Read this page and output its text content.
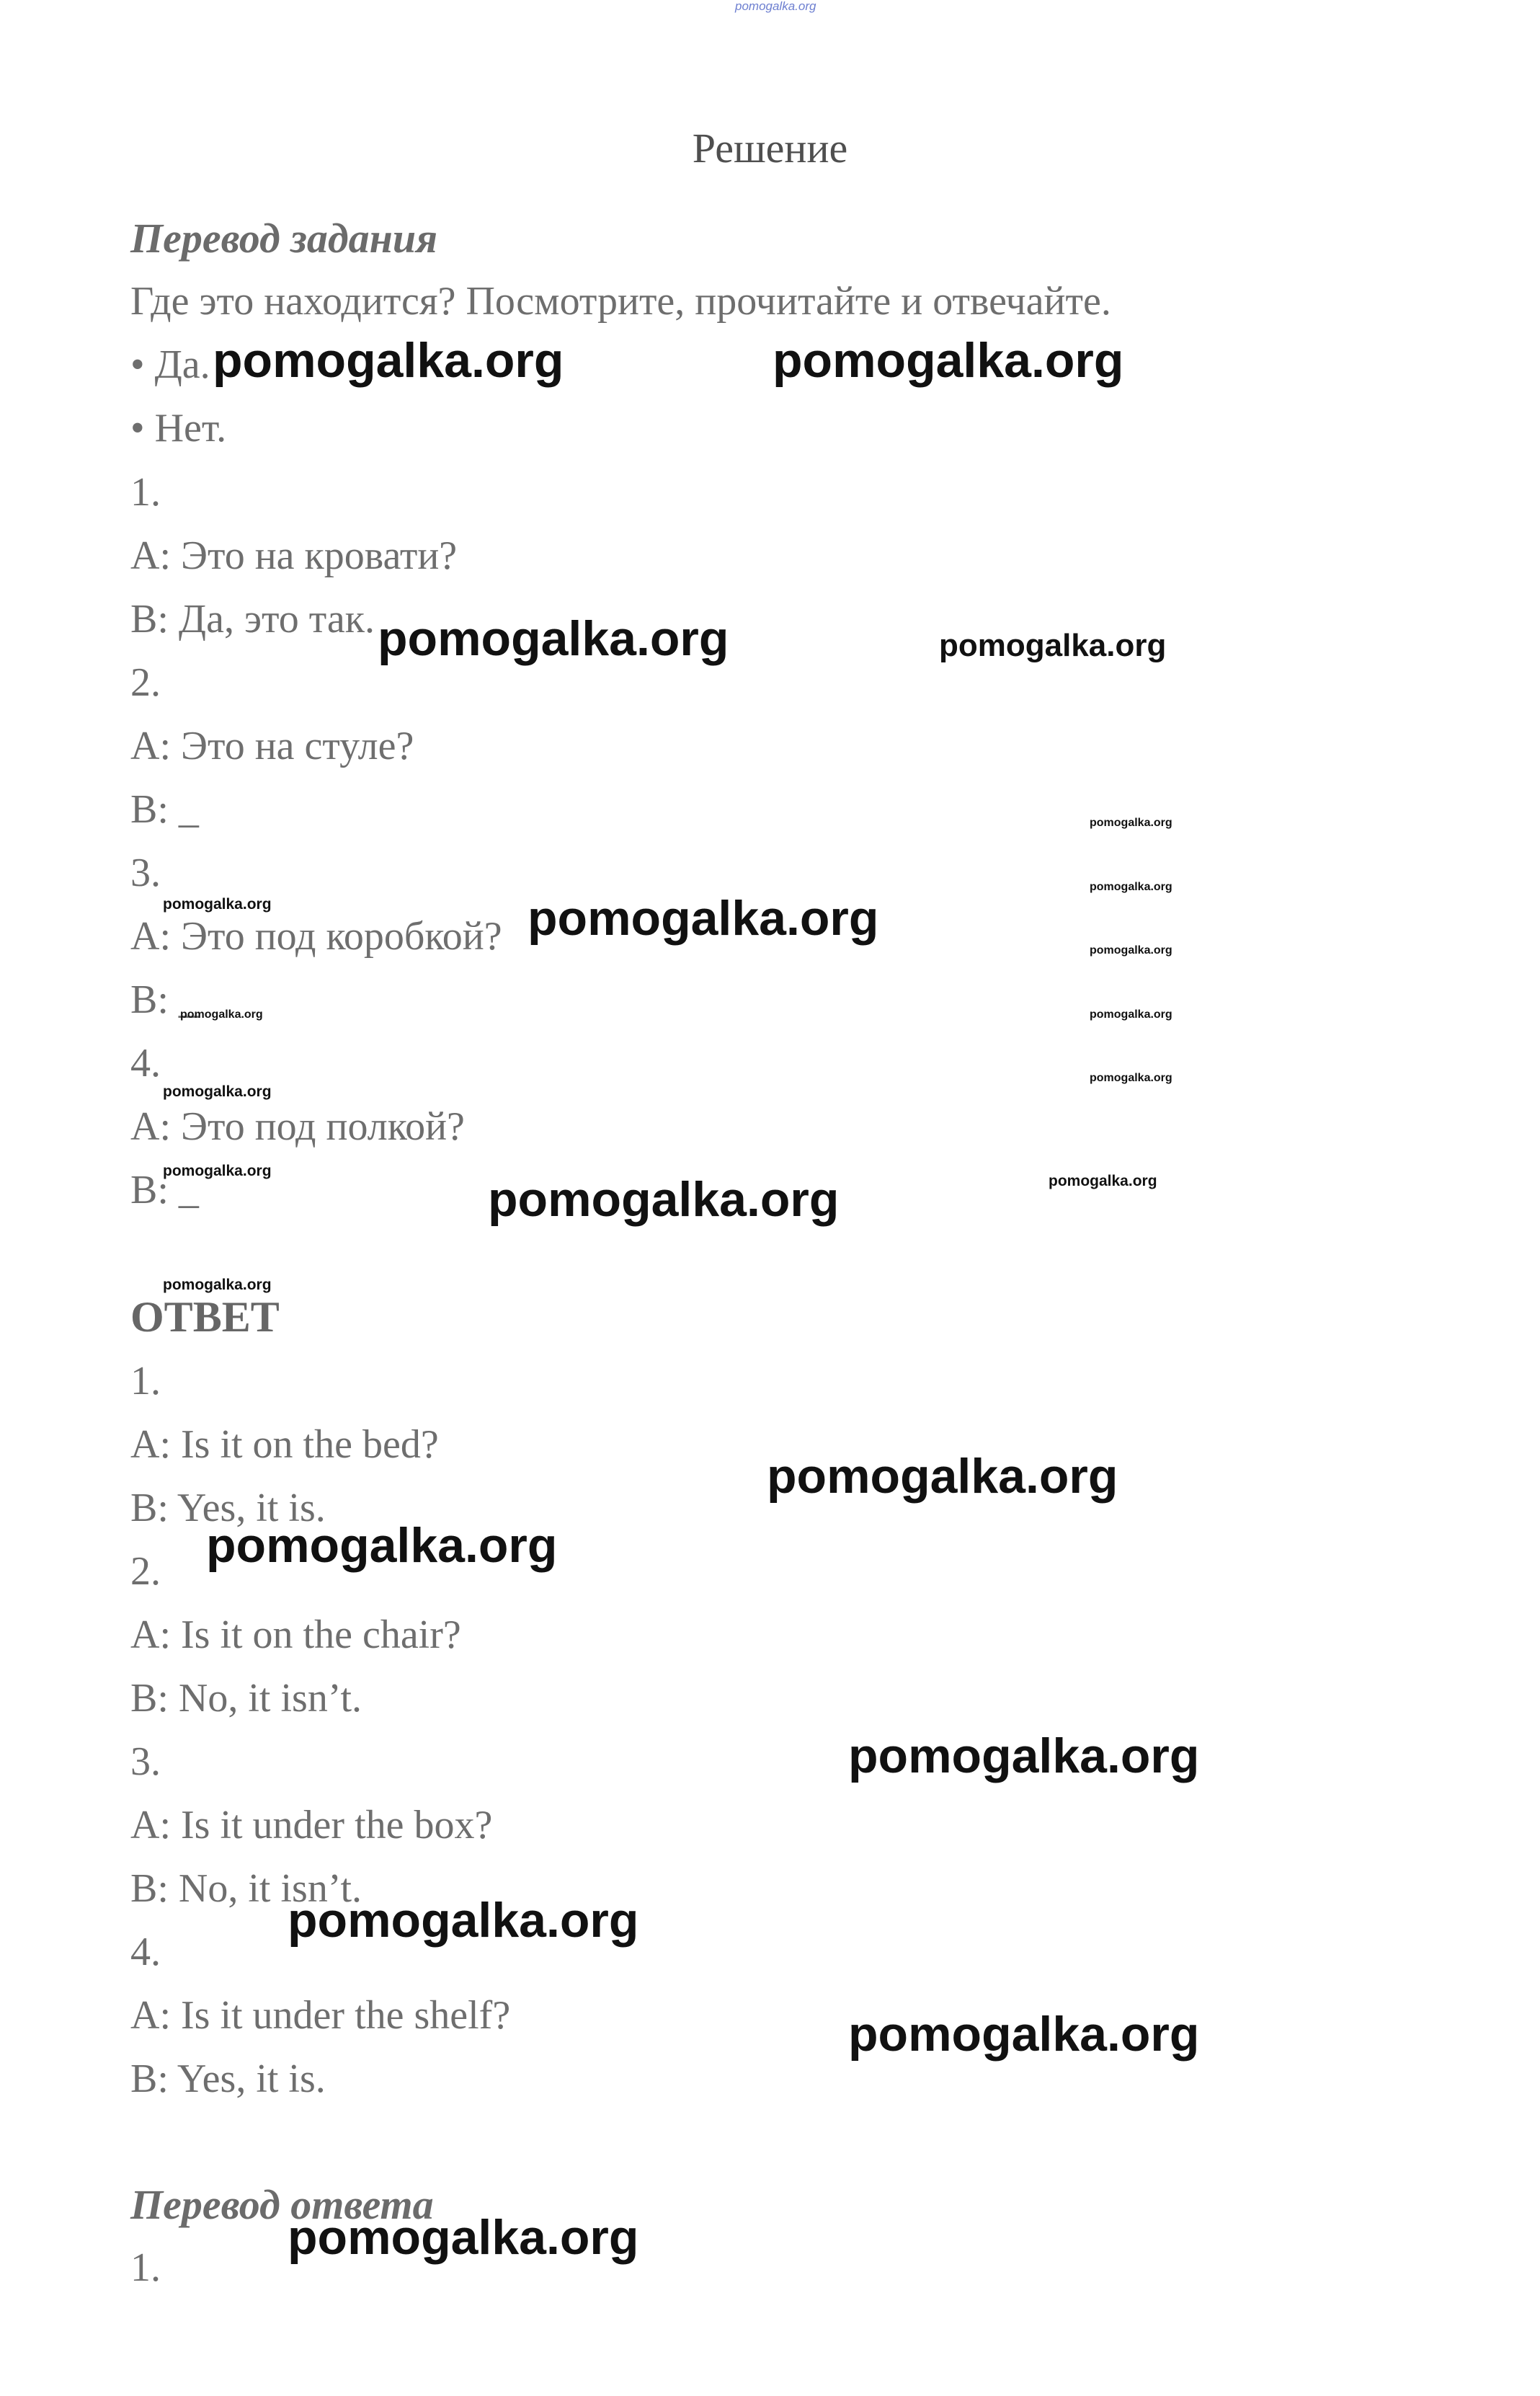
pomogalka.org
Решение
Перевод задания
Где это находится? Посмотрите, прочитайте и отвечайте.
• Да.
• Нет.
1.
A: Это на кровати?
B: Да, это так.
2.
A: Это на стуле?
B: _
3.
A: Это под коробкой?
B: _
4.
A: Это под полкой?
B: _
ОТВЕТ
1.
A: Is it on the bed?
B: Yes, it is.
2.
A: Is it on the chair?
B: No, it isn’t.
3.
A: Is it under the box?
B: No, it isn’t.
4.
A: Is it under the shelf?
B: Yes, it is.
Перевод ответа
1.
pomogalka.org	pomogalka.org
pomogalka.org	pomogalka.org
pomogalka.org
pomogalka.org
pomogalka.org
pomogalka.org
pomogalka.org
pomogalka.org
pomogalka.org	pomogalka.org
pomogalka.org
pomogalka.org
pomogalka.org
pomogalka.org
pomogalka.org
pomogalka.org
pomogalka.org
pomogalka.org
pomogalka.org
pomogalka.org
pomogalka.org
